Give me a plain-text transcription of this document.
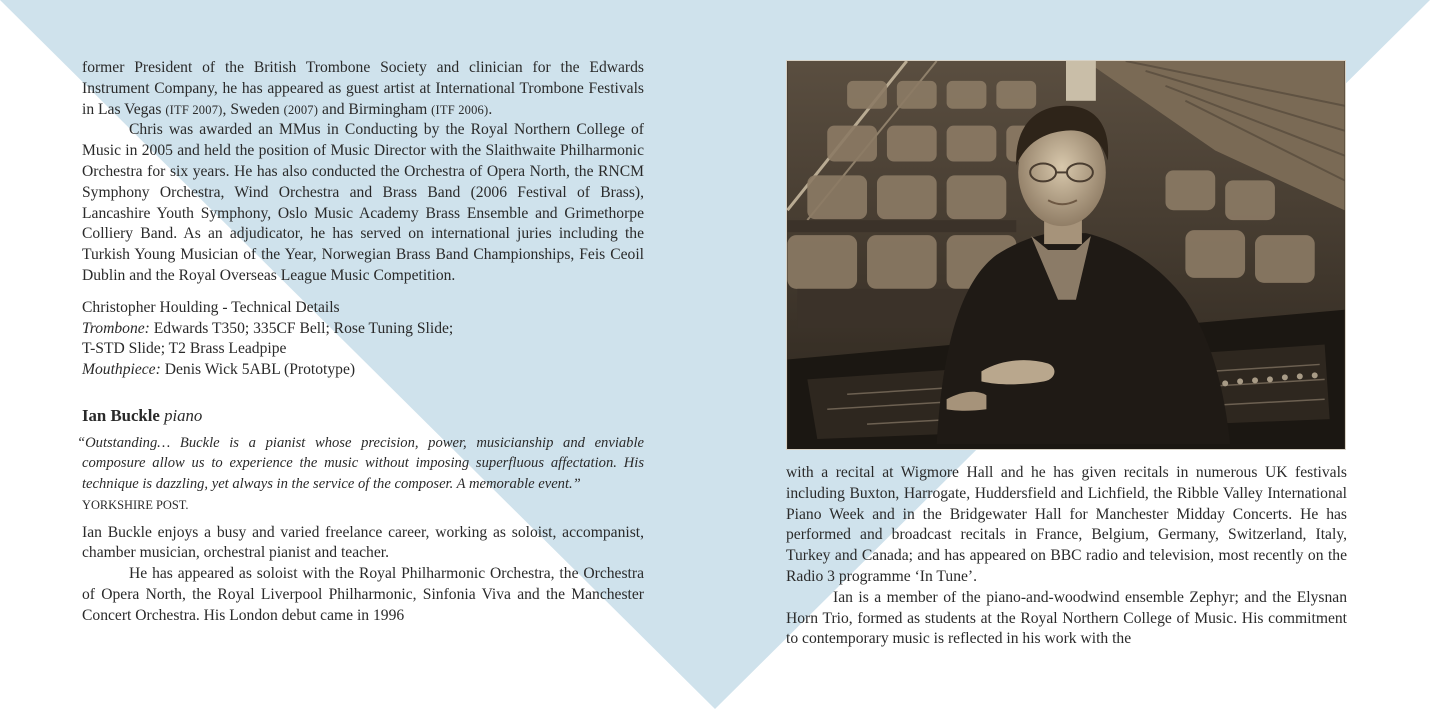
former President of the British Trombone Society and clinician for the Edwards Instrument Company, he has appeared as guest artist at International Trombone Festivals in Las Vegas (ITF 2007), Sweden (2007) and Birmingham (ITF 2006).

Chris was awarded an MMus in Conducting by the Royal Northern College of Music in 2005 and held the position of Music Director with the Slaithwaite Philharmonic Orchestra for six years. He has also conducted the Orchestra of Opera North, the RNCM Symphony Orchestra, Wind Orchestra and Brass Band (2006 Festival of Brass), Lancashire Youth Symphony, Oslo Music Academy Brass Ensemble and Grimethorpe Colliery Band. As an adjudicator, he has served on international juries including the Turkish Young Musician of the Year, Norwegian Brass Band Championships, Feis Ceoil Dublin and the Royal Overseas League Music Competition.

Christopher Houlding - Technical Details
Trombone: Edwards T350; 335CF Bell; Rose Tuning Slide;
T-STD Slide; T2 Brass Leadpipe
Mouthpiece: Denis Wick 5ABL (Prototype)
Ian Buckle piano

“Outstanding… Buckle is a pianist whose precision, power, musicianship and enviable composure allow us to experience the music without imposing superfluous affectation. His technique is dazzling, yet always in the service of the composer. A memorable event.”

YORKSHIRE POST.

Ian Buckle enjoys a busy and varied freelance career, working as soloist, accompanist, chamber musician, orchestral pianist and teacher.

He has appeared as soloist with the Royal Philharmonic Orchestra, the Orchestra of Opera North, the Royal Liverpool Philharmonic, Sinfonia Viva and the Manchester Concert Orchestra. His London debut came in 1996

with a recital at Wigmore Hall and he has given recitals in numerous UK festivals including Buxton, Harrogate, Huddersfield and Lichfield, the Ribble Valley International Piano Week and in the Bridgewater Hall for Manchester Midday Concerts. He has performed and broadcast recitals in France, Belgium, Germany, Switzerland, Italy, Turkey and Canada; and has appeared on BBC radio and television, most recently on the Radio 3 programme ‘In Tune’.

Ian is a member of the piano-and-woodwind ensemble Zephyr; and the Elysnan Horn Trio, formed as students at the Royal Northern College of Music. His commitment to contemporary music is reflected in his work with the
